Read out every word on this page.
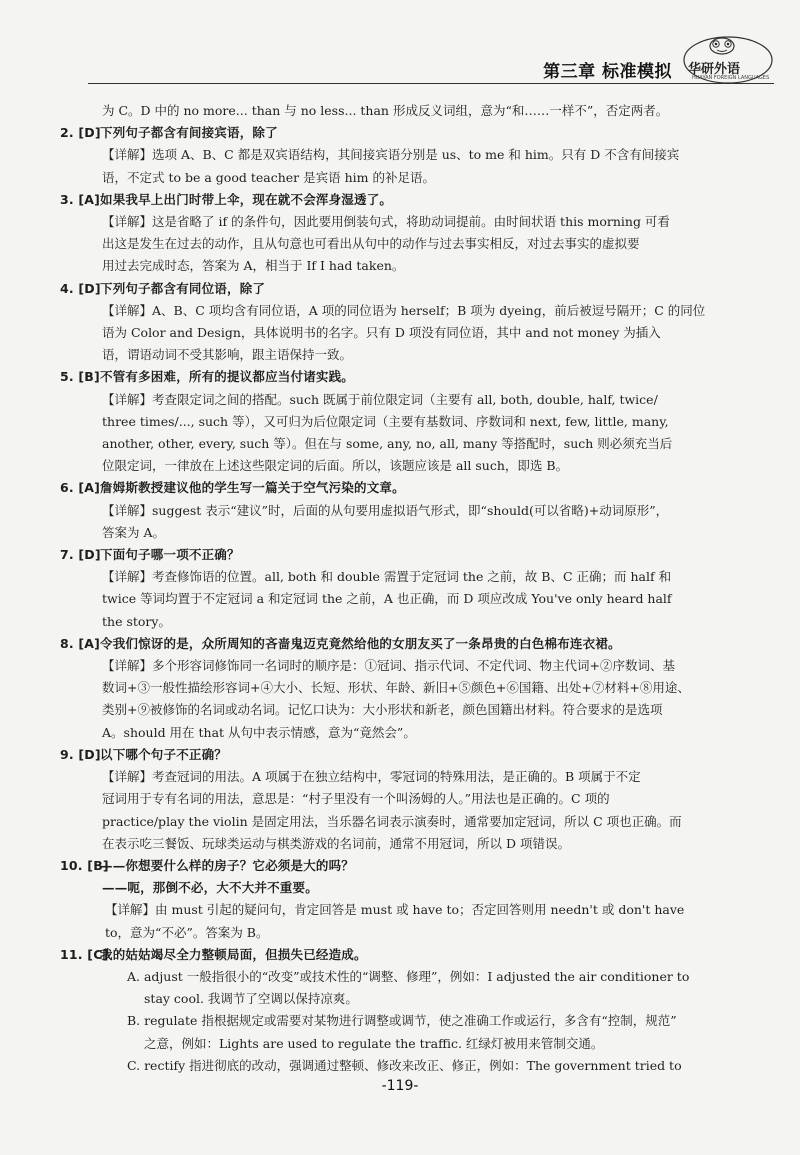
第三章 标准模拟 华研外语
HUAYAN FOREIGN LANGUAGES
为 C。D 中的 no more... than 与 no less... than 形成反义词组，意为“和……一样不”，否定两者。
2. [D]下列句子都含有间接宾语，除了
【详解】选项 A、B、C 都是双宾语结构，其间接宾语分别是 us、to me 和 him。只有 D 不含有间接宾
语，不定式 to be a good teacher 是宾语 him 的补足语。
3. [A]如果我早上出门时带上伞，现在就不会浑身湿透了。
【详解】这是省略了 if 的条件句，因此要用倒装句式，将助动词提前。由时间状语 this morning 可看
出这是发生在过去的动作，且从句意也可看出从句中的动作与过去事实相反，对过去事实的虚拟要
用过去完成时态，答案为 A，相当于 If I had taken。
4. [D]下列句子都含有同位语，除了
【详解】A、B、C 项均含有同位语，A 项的同位语为 herself；B 项为 dyeing，前后被逗号隔开；C 的同位
语为 Color and Design，具体说明书的名字。只有 D 项没有同位语，其中 and not money 为插入
语，谓语动词不受其影响，跟主语保持一致。
5. [B]不管有多困难，所有的提议都应当付诸实践。
【详解】考查限定词之间的搭配。such 既属于前位限定词（主要有 all, both, double, half, twice/
three times/..., such 等），又可归为后位限定词（主要有基数词、序数词和 next, few, little, many,
another, other, every, such 等）。但在与 some, any, no, all, many 等搭配时，such 则必须充当后
位限定词，一律放在上述这些限定词的后面。所以，该题应该是 all such，即选 B。
6. [A]詹姆斯教授建议他的学生写一篇关于空气污染的文章。
【详解】suggest 表示“建议”时，后面的从句要用虚拟语气形式，即“should(可以省略)+动词原形”，
答案为 A。
7. [D]下面句子哪一项不正确？
【详解】考查修饰语的位置。all, both 和 double 需置于定冠词 the 之前，故 B、C 正确；而 half 和
twice 等词均置于不定冠词 a 和定冠词 the 之前，A 也正确，而 D 项应改成 You've only heard half
the story。
8. [A]令我们惊讶的是，众所周知的吝啬鬼迈克竟然给他的女朋友买了一条昂贵的白色棉布连衣裙。
【详解】多个形容词修饰同一名词时的顺序是：①冠词、指示代词、不定代词、物主代词+②序数词、基
数词+③一般性描绘形容词+④大小、长短、形状、年龄、新旧+⑤颜色+⑥国籍、出处+⑦材料+⑧用途、
类别+⑨被修饰的名词或动名词。记忆口诀为：大小形状和新老，颜色国籍出材料。符合要求的是选项
A。should 用在 that 从句中表示情感，意为“竟然会”。
9. [D]以下哪个句子不正确？
【详解】考查冠词的用法。A 项属于在独立结构中，零冠词的特殊用法，是正确的。B 项属于不定
冠词用于专有名词的用法，意思是：“村子里没有一个叫汤姆的人。”用法也是正确的。C 项的
practice/play the violin 是固定用法，当乐器名词表示演奏时，通常要加定冠词，所以 C 项也正确。而
在表示吃三餐饭、玩球类运动与棋类游戏的名词前，通常不用冠词，所以 D 项错误。
10. [B]——你想要什么样的房子？它必须是大的吗？
——呃，那倒不必，大不大并不重要。
【详解】由 must 引起的疑问句，肯定回答是 must 或 have to；否定回答则用 needn't 或 don't have
to，意为“不必”。答案为 B。
11. [C]我的姑姑竭尽全力整顿局面，但损失已经造成。
A. adjust 一般指很小的“改变”或技术性的“调整、修理”，例如：I adjusted the air conditioner to
stay cool. 我调节了空调以保持凉爽。
B. regulate 指根据规定或需要对某物进行调整或调节，使之准确工作或运行，多含有“控制，规范”
之意，例如：Lights are used to regulate the traffic. 红绿灯被用来管制交通。
C. rectify 指进彻底的改动，强调通过整顿、修改来改正、修正，例如：The government tried to
-119-
